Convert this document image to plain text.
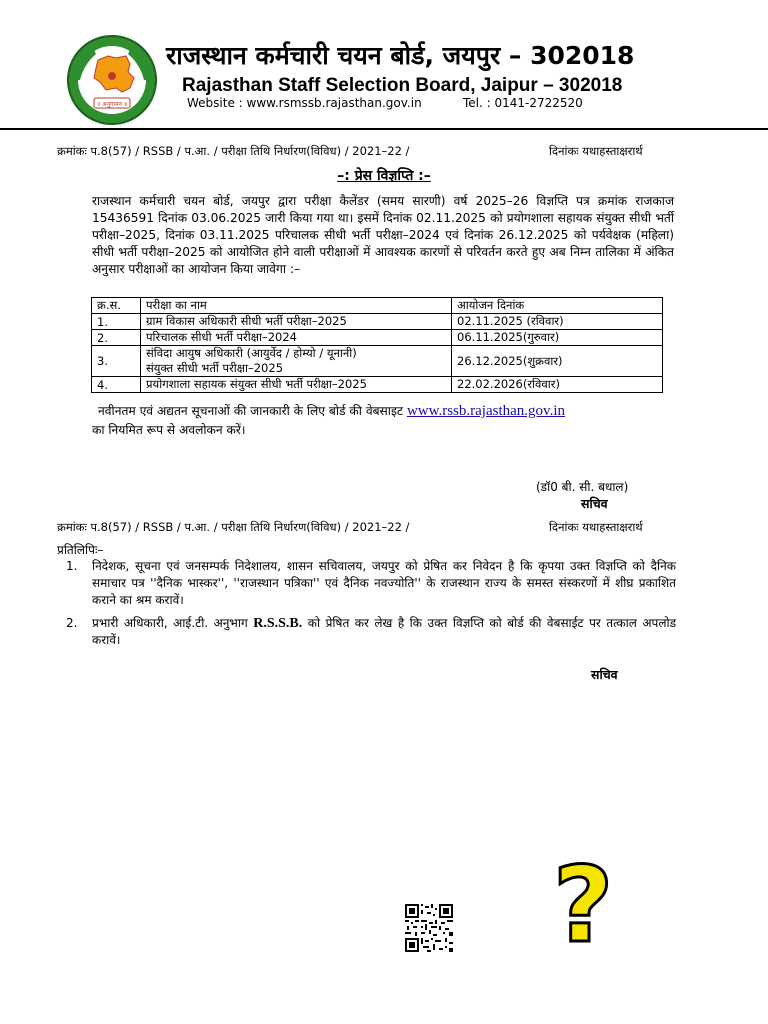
॥ अनुगामन ॥
राजस्थान कर्मचारी चयन बोर्ड, जयपुर – 302018
Rajasthan Staff Selection Board, Jaipur – 302018
Website : www.rsmssb.rajasthan.gov.in	Tel. : 0141-2722520
क्रमांकः प.8(57) / RSSB / प.आ. / परीक्षा तिथि निर्धारण(विविध) / 2021–22 /	दिनांकः यथाहस्ताक्षरार्थ
–: प्रेस विज्ञप्ति :–
राजस्थान कर्मचारी चयन बोर्ड, जयपुर द्वारा परीक्षा कैलेंडर (समय सारणी) वर्ष 2025–26 विज्ञप्ति पत्र क्रमांक राजकाज 15436591 दिनांक 03.06.2025 जारी किया गया था। इसमें दिनांक 02.11.2025 को प्रयोगशाला सहायक संयुक्त सीधी भर्ती परीक्षा–2025, दिनांक 03.11.2025 परिचालक सीधी भर्ती परीक्षा–2024 एवं दिनांक 26.12.2025 को पर्यवेक्षक (महिला) सीधी भर्ती परीक्षा–2025 को आयोजित होने वाली परीक्षाओं में आवश्यक कारणों से परिवर्तन करते हुए अब निम्न तालिका में अंकित अनुसार परीक्षाओं का आयोजन किया जावेगा :–
क्र.स.	परीक्षा का नाम	आयोजन दिनांक
1.	ग्राम विकास अधिकारी सीधी भर्ती परीक्षा–2025	02.11.2025 (रविवार)
2.	परिचालक सीधी भर्ती परीक्षा–2024	06.11.2025(गुरुवार)
3.	संविदा आयुष अधिकारी (आयुर्वेद / होम्यो / यूनानी)
संयुक्त सीधी भर्ती परीक्षा–2025	26.12.2025(शुक्रवार)
4.	प्रयोगशाला सहायक संयुक्त सीधी भर्ती परीक्षा–2025	22.02.2026(रविवार)
नवीनतम एवं अद्यतन सूचनाओं की जानकारी के लिए बोर्ड की वेबसाइट www.rssb.rajasthan.gov.in
का नियमित रूप से अवलोकन करें।
(डॉ0 बी. सी. बधाल)
सचिव
क्रमांकः प.8(57) / RSSB / प.आ. / परीक्षा तिथि निर्धारण(विविध) / 2021–22 /	दिनांकः यथाहस्ताक्षरार्थ
प्रतिलिपिः–
1. निदेशक, सूचना एवं जनसम्पर्क निदेशालय, शासन सचिवालय, जयपुर को प्रेषित कर निवेदन है कि कृपया उक्त विज्ञप्ति को दैनिक समाचार पत्र ''दैनिक भास्कर'', ''राजस्थान पत्रिका'' एवं दैनिक नवज्योति'' के राजस्थान राज्य के समस्त संस्करणों में शीघ्र प्रकाशित कराने का श्रम करावें।
2. प्रभारी अधिकारी, आई.टी. अनुभाग R.S.S.B. को प्रेषित कर लेख है कि उक्त विज्ञप्ति को बोर्ड की वेबसाईट पर तत्काल अपलोड करावें।
सचिव
?
